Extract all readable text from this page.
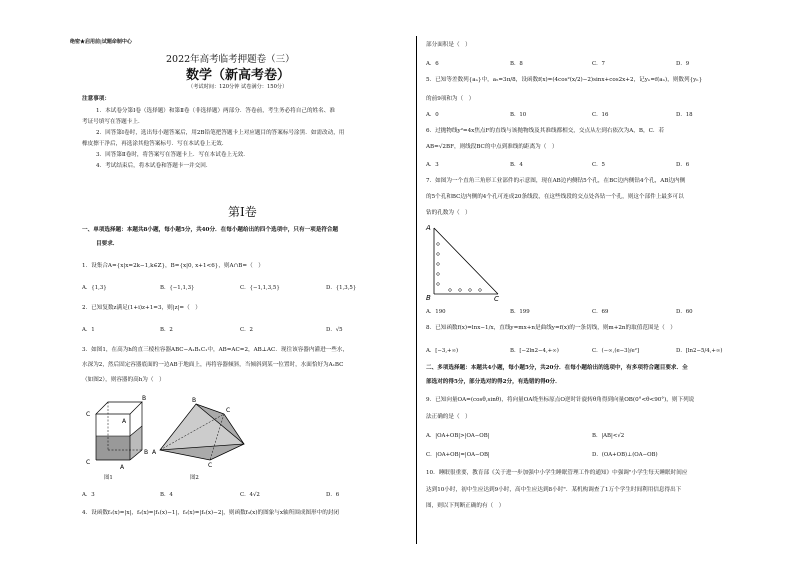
绝密★启用前|试题命制中心
2022年高考临考押题卷（三）
数学（新高考卷）
（考试时间：120分钟 试卷满分：150分）
注意事项：
1．本试卷分第Ⅰ卷（选择题）和第Ⅱ卷（非选择题）两部分．答卷前，考生务必将自己的姓名、准
考证号填写在答题卡上．
2．回答第Ⅰ卷时，选出每小题答案后，用2B铅笔把答题卡上对应题目的答案标号涂黑．如需改动，用
橡皮擦干净后，再选涂其他答案标号．写在本试卷上无效．
3．回答第Ⅱ卷时，将答案写在答题卡上．写在本试卷上无效．
4．考试结束后，将本试卷和答题卡一并交回．
第Ⅰ卷
一、单项选择题：本题共8小题，每小题5分，共40分．在每小题给出的四个选项中，只有一项是符合题
目要求．
1．设集合A={x|x=2k−1,k∈Z}，B={x|0, x+1<6}，则A∩B=（　）
A．{1,3}	B．{−1,1,3}	C．{−1,1,3,5}	D．{1,3,5}
2．已知复数z满足(1+i)z+1=3，则|z|=（　）
A．1	B．2	C．2	D．√5
3．如图1，在高为h的直三棱柱容器ABC−A₁B₁C₁中，AB=AC=2，AB⊥AC．现往该容器内灌进一些水，
水深为2，然后固定容器底面的一边AB于地面上，再将容器倾斜，当倾斜到某一位置时，水面恰好为A₁BC
（如图2），则容器的高h为（　）
C
B
A
C
B
A
图1
B
C
A
C
图2
A．3	B．4	C．4√2	D．6
4．设函数f₁(x)=|x|，f₂(x)=|f₁(x)−1|，f₃(x)=|f₂(x)−2|，则函数f₃(x)的图象与x轴所围成图形中的封闭
部分面积是（　）
A．6	B．8	C．7	D．9
5．已知等差数列{aₙ}中，a₅=3π/8，设函数f(x)=(4cos²(x/2)−2)sinx+cos2x+2，记yₙ=f(aₙ)，则数列{yₙ}
的前9项和为（　）
A．0	B．10	C．16	D．18
6．过抛物线y²=4x焦点F的直线与该抛物线及其准线都相交，交点从左到右依次为A，B，C．若
AB=√2BF，则线段BC的中点到准线的距离为（　）
A．3	B．4	C．5	D．6
7．如图为一个直角三角形工业部件的示意图，现在AB边内侧钻5个孔，在BC边内侧钻4个孔，AB边内侧
的5个孔和BC边内侧的4个孔可连成20条线段，在这些线段的交点处各钻一个孔，则这个部件上最多可以
钻的孔数为（　）
A
B	C
A．190	B．199	C．69	D．60
8．已知函数f(x)=lnx−1/x，直线y=mx+n是曲线y=f(x)的一条切线，则m+2n的取值范围是（　）
A．[−3,+∞)	B．[−2ln2−4,+∞)	C．(−∞,(e−3)/e²]	D．[ln2−5/4,+∞)
二、多项选择题：本题共4小题，每小题5分，共20分．在每小题给出的选项中，有多项符合题目要求．全
部选对的得5分，部分选对的得2分，有选错的得0分．
9．已知向量OA=(cosθ,sinθ)，将向量OA绕坐标原点O逆时针旋转θ角得到向量OB(0°<θ<90°)，则下列说
法正确的是（　）
A．|OA+OB|>|OA−OB|	B．|AB|<√2
C．|OA+OB|=|OA−OB|	D．(OA+OB)⊥(OA−OB)
10．睡眠很重要，教育部《关于进一步加强中小学生睡眠管理工作的通知》中强调"小学生每天睡眠时间应
达到10小时，初中生应达到9小时，高中生应达到8小时"．某机构调查了1万个学生时间利用信息得出下
图，则以下判断正确的有（　）
